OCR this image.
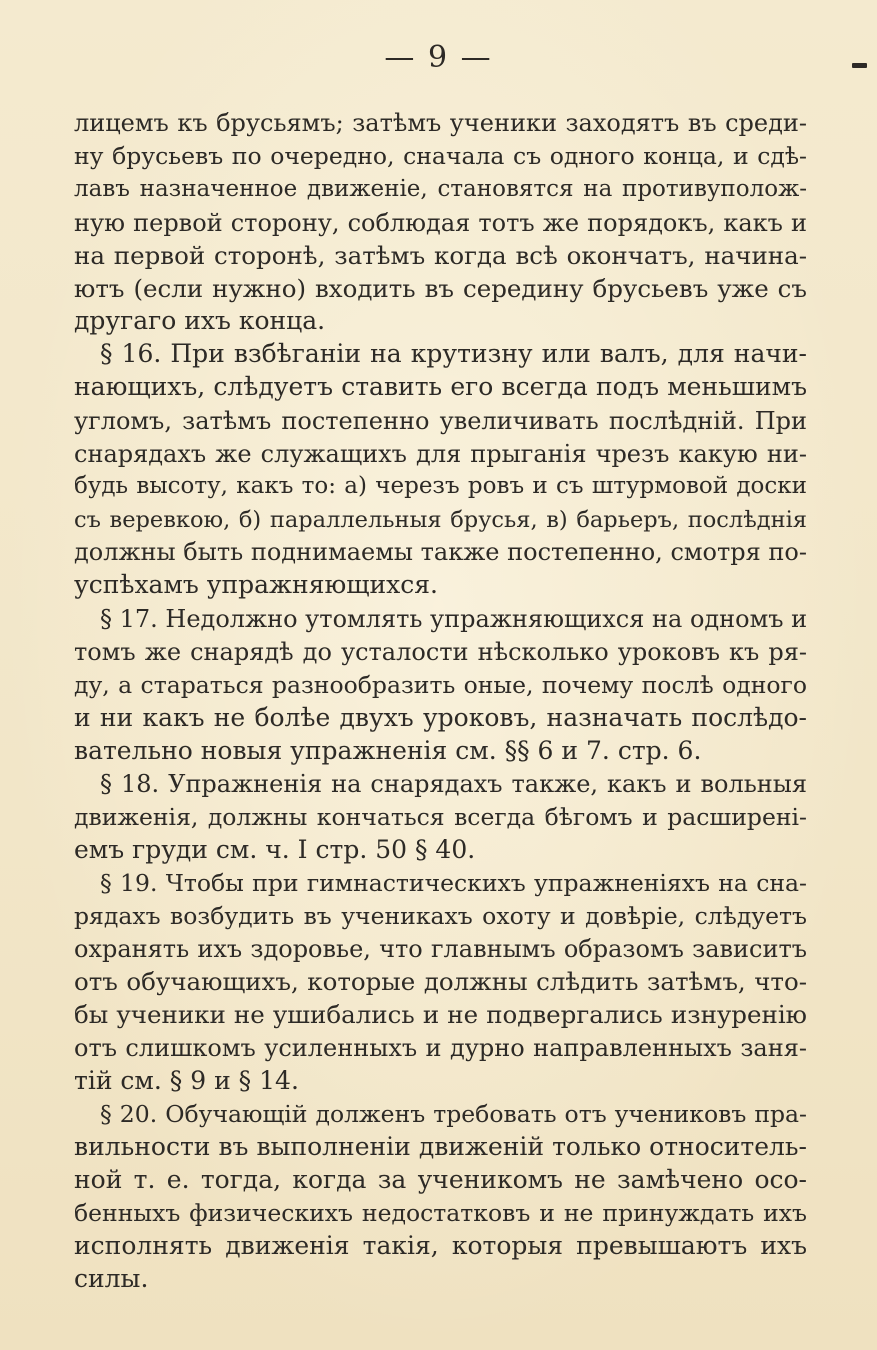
— 9 —
лицемъ къ брусьямъ; затѣмъ ученики заходятъ въ среди-
ну брусьевъ по очередно, сначала съ одного конца, и сдѣ-
лавъ назначенное движеніе, становятся на противуполож-
ную первой сторону, соблюдая тотъ же порядокъ, какъ и
на первой сторонѣ, затѣмъ когда всѣ окончатъ, начина-
ютъ (если нужно) входить въ середину брусьевъ уже съ
другаго ихъ конца.
§ 16. При взбѣганіи на крутизну или валъ, для начи-
нающихъ, слѣдуетъ ставить его всегда подъ меньшимъ
угломъ, затѣмъ постепенно увеличивать послѣдній. При
снарядахъ же служащихъ для прыганія чрезъ какую ни-
будь высоту, какъ то: а) черезъ ровъ и съ штурмовой доски
съ веревкою, б) параллельныя брусья, в) барьеръ, послѣднія
должны быть поднимаемы также постепенно, смотря по-
успѣхамъ упражняющихся.
§ 17. Недолжно утомлять упражняющихся на одномъ и
томъ же снарядѣ до усталости нѣсколько уроковъ къ ря-
ду, а стараться разнообразить оные, почему послѣ одного
и ни какъ не болѣе двухъ уроковъ, назначать послѣдо-
вательно новыя упражненія см. §§ 6 и 7. стр. 6.
§ 18. Упражненія на снарядахъ также, какъ и вольныя
движенія, должны кончаться всегда бѣгомъ и расширені-
емъ груди см. ч. I стр. 50 § 40.
§ 19. Чтобы при гимнастическихъ упражненіяхъ на сна-
рядахъ возбудить въ ученикахъ охоту и довѣріе, слѣдуетъ
охранять ихъ здоровье, что главнымъ образомъ зависитъ
отъ обучающихъ, которые должны слѣдить затѣмъ, что-
бы ученики не ушибались и не подвергались изнуренію
отъ слишкомъ усиленныхъ и дурно направленныхъ заня-
тій см. § 9 и § 14.
§ 20. Обучающій долженъ требовать отъ учениковъ пра-
вильности въ выполненіи движеній только относитель-
ной т. е. тогда, когда за ученикомъ не замѣчено осо-
бенныхъ физическихъ недостатковъ и не принуждать ихъ
исполнять движенія такія, которыя превышаютъ ихъ
силы.
